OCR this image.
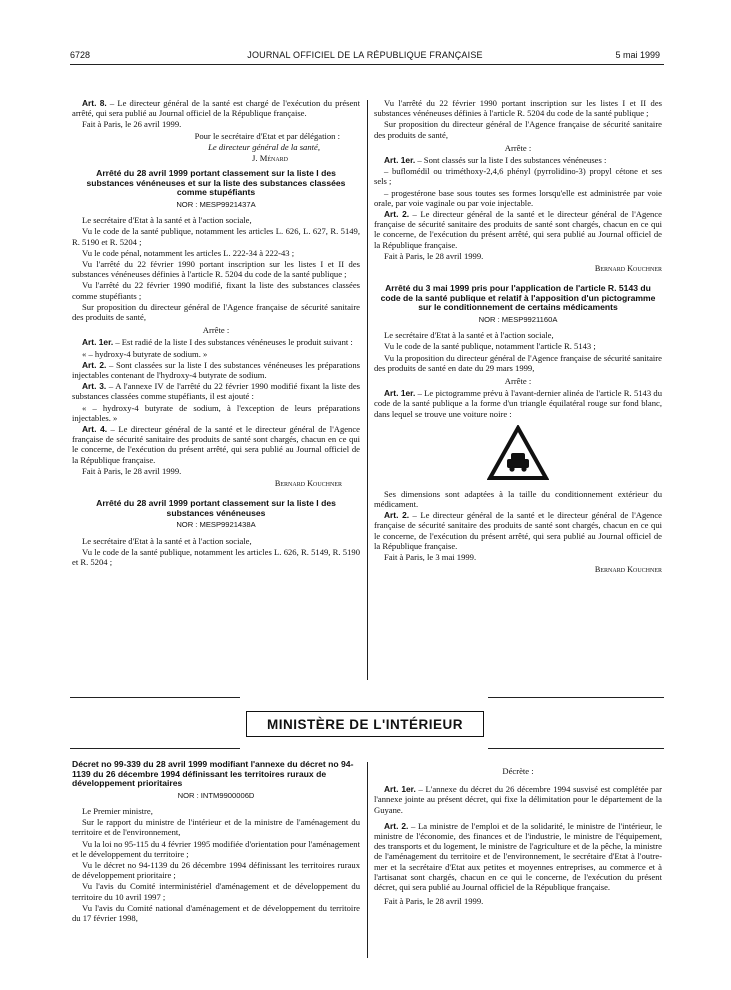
6728	JOURNAL OFFICIEL DE LA RÉPUBLIQUE FRANÇAISE	5 mai 1999

Art. 8. – Le directeur général de la santé est chargé de l'exécution du présent arrêté, qui sera publié au Journal officiel de la République française.

Fait à Paris, le 26 avril 1999.

Pour le secrétaire d'Etat et par délégation :

Le directeur général de la santé,

J. Ménard

Arrêté du 28 avril 1999 portant classement sur la liste I des substances vénéneuses et sur la liste des substances classées comme stupéfiants
NOR : MESP9921437A

Le secrétaire d'Etat à la santé et à l'action sociale,

Vu le code de la santé publique, notamment les articles L. 626, L. 627, R. 5149, R. 5190 et R. 5204 ;

Vu le code pénal, notamment les articles L. 222-34 à 222-43 ;

Vu l'arrêté du 22 février 1990 portant inscription sur les listes I et II des substances vénéneuses définies à l'article R. 5204 du code de la santé publique ;

Vu l'arrêté du 22 février 1990 modifié, fixant la liste des substances classées comme stupéfiants ;

Sur proposition du directeur général de l'Agence française de sécurité sanitaire des produits de santé,

Arrête :

Art. 1er. – Est radié de la liste I des substances vénéneuses le produit suivant :

« – hydroxy-4 butyrate de sodium. »

Art. 2. – Sont classées sur la liste I des substances vénéneuses les préparations injectables contenant de l'hydroxy-4 butyrate de sodium.

Art. 3. – A l'annexe IV de l'arrêté du 22 février 1990 modifié fixant la liste des substances classées comme stupéfiants, il est ajouté :

« – hydroxy-4 butyrate de sodium, à l'exception de leurs préparations injectables. »

Art. 4. – Le directeur général de la santé et le directeur général de l'Agence française de sécurité sanitaire des produits de santé sont chargés, chacun en ce qui le concerne, de l'exécution du présent arrêté, qui sera publié au Journal officiel de la République française.

Fait à Paris, le 28 avril 1999.

Bernard Kouchner
Arrêté du 28 avril 1999 portant classement sur la liste I des substances vénéneuses
NOR : MESP9921438A

Le secrétaire d'Etat à la santé et à l'action sociale,

Vu le code de la santé publique, notamment les articles L. 626, R. 5149, R. 5190 et R. 5204 ;

Vu l'arrêté du 22 février 1990 portant inscription sur les listes I et II des substances vénéneuses définies à l'article R. 5204 du code de la santé publique ;

Sur proposition du directeur général de l'Agence française de sécurité sanitaire des produits de santé,

Arrête :

Art. 1er. – Sont classés sur la liste I des substances vénéneuses :

– buflomédil ou triméthoxy-2,4,6 phényl (pyrrolidino-3) propyl cétone et ses sels ;

– progestérone base sous toutes ses formes lorsqu'elle est administrée par voie orale, par voie vaginale ou par voie injectable.

Art. 2. – Le directeur général de la santé et le directeur général de l'Agence française de sécurité sanitaire des produits de santé sont chargés, chacun en ce qui le concerne, de l'exécution du présent arrêté, qui sera publié au Journal officiel de la République française.

Fait à Paris, le 28 avril 1999.

Bernard Kouchner
Arrêté du 3 mai 1999 pris pour l'application de l'article R. 5143 du code de la santé publique et relatif à l'apposition d'un pictogramme sur le conditionnement de certains médicaments
NOR : MESP9921160A

Le secrétaire d'Etat à la santé et à l'action sociale,

Vu le code de la santé publique, notamment l'article R. 5143 ;

Vu la proposition du directeur général de l'Agence française de sécurité sanitaire des produits de santé en date du 29 mars 1999,

Arrête :

Art. 1er. – Le pictogramme prévu à l'avant-dernier alinéa de l'article R. 5143 du code de la santé publique a la forme d'un triangle équilatéral rouge sur fond blanc, dans lequel se trouve une voiture noire :

Ses dimensions sont adaptées à la taille du conditionnement extérieur du médicament.

Art. 2. – Le directeur général de la santé et le directeur général de l'Agence française de sécurité sanitaire des produits de santé sont chargés, chacun en ce qui le concerne, de l'exécution du présent arrêté, qui sera publié au Journal officiel de la République française.

Fait à Paris, le 3 mai 1999.

Bernard Kouchner
MINISTÈRE DE L'INTÉRIEUR
Décret no 99-339 du 28 avril 1999 modifiant l'annexe du décret no 94-1139 du 26 décembre 1994 définissant les territoires ruraux de développement prioritaires
NOR : INTM9900006D

Le Premier ministre,

Sur le rapport du ministre de l'intérieur et de la ministre de l'aménagement du territoire et de l'environnement,

Vu la loi no 95-115 du 4 février 1995 modifiée d'orientation pour l'aménagement et le développement du territoire ;

Vu le décret no 94-1139 du 26 décembre 1994 définissant les territoires ruraux de développement prioritaire ;

Vu l'avis du Comité interministériel d'aménagement et de développement du territoire du 10 avril 1997 ;

Vu l'avis du Comité national d'aménagement et de développement du territoire du 17 février 1998,

Décrète :

Art. 1er. – L'annexe du décret du 26 décembre 1994 susvisé est complétée par l'annexe jointe au présent décret, qui fixe la délimitation pour le département de la Guyane.

Art. 2. – La ministre de l'emploi et de la solidarité, le ministre de l'intérieur, le ministre de l'économie, des finances et de l'industrie, le ministre de l'équipement, des transports et du logement, le ministre de l'agriculture et de la pêche, la ministre de l'aménagement du territoire et de l'environnement, le secrétaire d'Etat à l'outre-mer et la secrétaire d'Etat aux petites et moyennes entreprises, au commerce et à l'artisanat sont chargés, chacun en ce qui le concerne, de l'exécution du présent décret, qui sera publié au Journal officiel de la République française.

Fait à Paris, le 28 avril 1999.
